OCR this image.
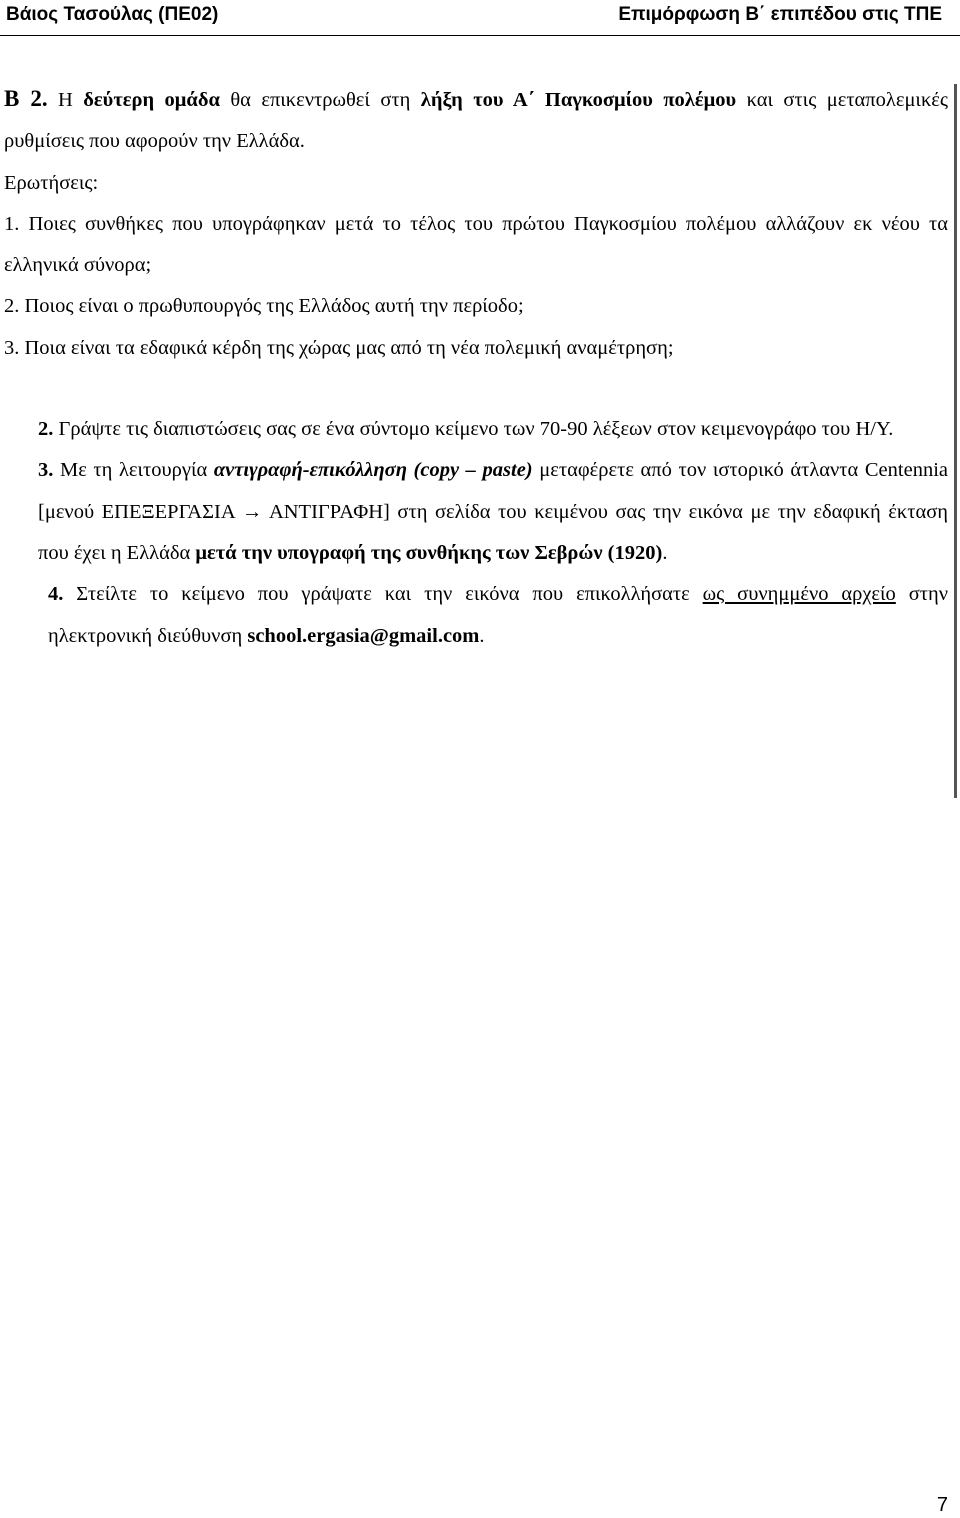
Βάιος Τασούλας (ΠΕ02)	Επιμόρφωση Β΄ επιπέδου στις ΤΠΕ

Β 2. Η δεύτερη ομάδα θα επικεντρωθεί στη λήξη του Α΄ Παγκοσμίου πολέμου και στις μεταπολεμικές ρυθμίσεις που αφορούν την Ελλάδα.

Ερωτήσεις:

1. Ποιες συνθήκες που υπογράφηκαν μετά το τέλος του πρώτου Παγκοσμίου πολέμου αλλάζουν εκ νέου τα ελληνικά σύνορα;

2. Ποιος είναι ο πρωθυπουργός της Ελλάδος αυτή την περίοδο;

3. Ποια είναι τα εδαφικά κέρδη της χώρας μας από τη νέα πολεμική αναμέτρηση;

2. Γράψτε τις διαπιστώσεις σας σε ένα σύντομο κείμενο των 70-90 λέξεων στον κειμενογράφο του Η/Υ.

3. Με τη λειτουργία αντιγραφή-επικόλληση (copy – paste) μεταφέρετε από τον ιστορικό άτλαντα Centennia [μενού ΕΠΕΞΕΡΓΑΣΙΑ → ΑΝΤΙΓΡΑΦΗ] στη σελίδα του κειμένου σας την εικόνα με την εδαφική έκταση που έχει η Ελλάδα μετά την υπογραφή της συνθήκης των Σεβρών (1920).

4. Στείλτε το κείμενο που γράψατε και την εικόνα που επικολλήσατε ως συνημμένο αρχείο στην ηλεκτρονική διεύθυνση school.ergasia@gmail.com.

7
